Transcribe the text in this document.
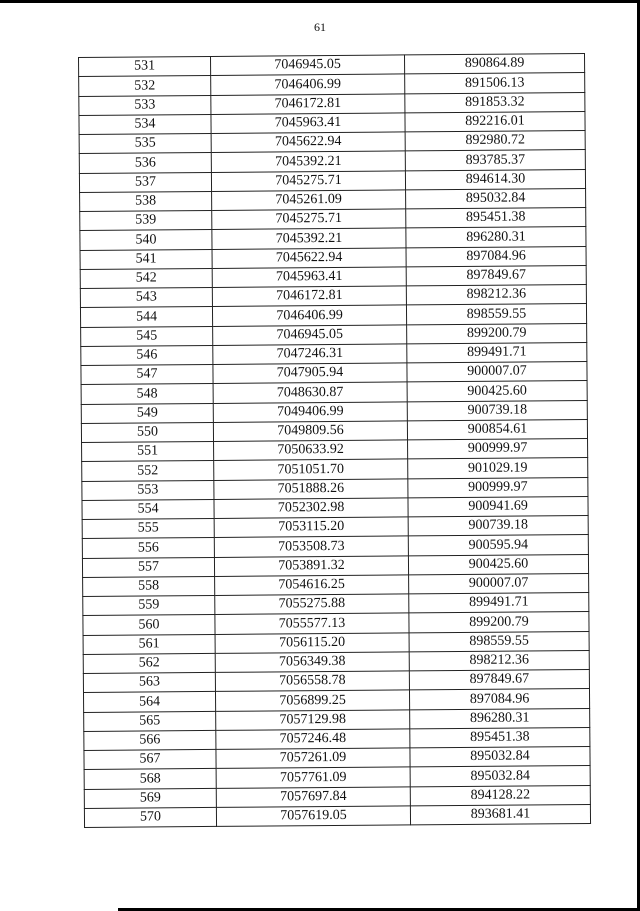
61
531	7046945.05	890864.89
532	7046406.99	891506.13
533	7046172.81	891853.32
534	7045963.41	892216.01
535	7045622.94	892980.72
536	7045392.21	893785.37
537	7045275.71	894614.30
538	7045261.09	895032.84
539	7045275.71	895451.38
540	7045392.21	896280.31
541	7045622.94	897084.96
542	7045963.41	897849.67
543	7046172.81	898212.36
544	7046406.99	898559.55
545	7046945.05	899200.79
546	7047246.31	899491.71
547	7047905.94	900007.07
548	7048630.87	900425.60
549	7049406.99	900739.18
550	7049809.56	900854.61
551	7050633.92	900999.97
552	7051051.70	901029.19
553	7051888.26	900999.97
554	7052302.98	900941.69
555	7053115.20	900739.18
556	7053508.73	900595.94
557	7053891.32	900425.60
558	7054616.25	900007.07
559	7055275.88	899491.71
560	7055577.13	899200.79
561	7056115.20	898559.55
562	7056349.38	898212.36
563	7056558.78	897849.67
564	7056899.25	897084.96
565	7057129.98	896280.31
566	7057246.48	895451.38
567	7057261.09	895032.84
568	7057761.09	895032.84
569	7057697.84	894128.22
570	7057619.05	893681.41
